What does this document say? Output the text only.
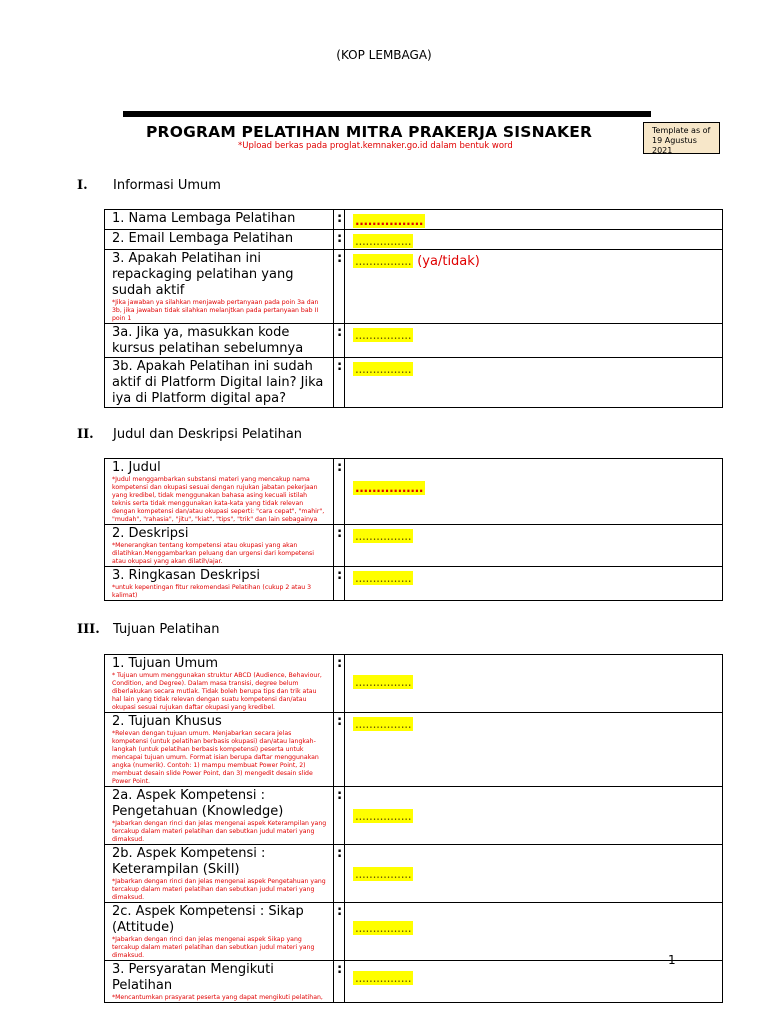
(KOP LEMBAGA)
PROGRAM PELATIHAN MITRA PRAKERJA SISNAKER
*Upload berkas pada proglat.kemnaker.go.id dalam bentuk word
Template as of
19 Agustus 2021
I. Informasi Umum
1. Nama Lembaga Pelatihan	:	................

2. Email Lembaga Pelatihan	:	................

3. Apakah Pelatihan ini repackaging pelatihan yang sudah aktif
*Jika jawaban ya silahkan menjawab pertanyaan pada poin 3a dan 3b, jika jawaban tidak silahkan melanjtkan pada pertanyaan bab II poin 1	:	................ (ya/tidak)

3a. Jika ya, masukkan kode kursus pelatihan sebelumnya	:	................

3b. Apakah Pelatihan ini sudah aktif di Platform Digital lain? Jika iya di Platform digital apa?	:	................
II. Judul dan Deskripsi Pelatihan
1. Judul
*Judul menggambarkan substansi materi yang mencakup nama kompetensi dan okupasi sesuai dengan rujukan jabatan pekerjaan yang kredibel, tidak menggunakan bahasa asing kecuali istilah teknis serta tidak menggunakan kata-kata yang tidak relevan dengan kompetensi dan/atau okupasi seperti: "cara cepat", "mahir", "mudah", "rahasia", "jitu", "kiat", "tips", "trik" dan lain sebagainya	:	................

2. Deskripsi
*Menerangkan tentang kompetensi atau okupasi yang akan dilatihkan.Menggambarkan peluang dan urgensi dari kompetensi atau okupasi yang akan dilatih/ajar.	:	................

3. Ringkasan Deskripsi
*untuk kepentingan fitur rekomendasi Pelatihan (cukup 2 atau 3 kalimat)	:	................
III. Tujuan Pelatihan
1. Tujuan Umum
* Tujuan umum menggunakan struktur ABCD (Audience, Behaviour, Condition, and Degree). Dalam masa transisi, degree belum diberlakukan secara mutlak. Tidak boleh berupa tips dan trik atau hal lain yang tidak relevan dengan suatu kompetensi dan/atau okupasi sesuai rujukan daftar okupasi yang kredibel.	:	................

2. Tujuan Khusus
*Relevan dengan tujuan umum. Menjabarkan secara jelas kompetensi (untuk pelatihan berbasis okupasi) dan/atau langkah-langkah (untuk pelatihan berbasis kompetensi) peserta untuk mencapai tujuan umum. Format isian berupa daftar menggunakan angka (numerik). Contoh: 1) mampu membuat Power Point, 2) membuat desain slide Power Point, dan 3) mengedit desain slide Power Point.	:	................

2a. Aspek Kompetensi : Pengetahuan (Knowledge)
*Jabarkan dengan rinci dan jelas mengenai aspek Keterampilan yang tercakup dalam materi pelatihan dan sebutkan judul materi yang dimaksud.	:	................

2b. Aspek Kompetensi : Keterampilan (Skill)
*Jabarkan dengan rinci dan jelas mengenai aspek Pengetahuan yang tercakup dalam materi pelatihan dan sebutkan judul materi yang dimaksud.	:	................

2c. Aspek Kompetensi : Sikap (Attitude)
*Jabarkan dengan rinci dan jelas mengenai aspek Sikap yang tercakup dalam materi pelatihan dan sebutkan judul materi yang dimaksud.	:	................

3. Persyaratan Mengikuti Pelatihan
*Mencantumkan prasyarat peserta yang dapat mengikuti pelatihan,	:	................
1
